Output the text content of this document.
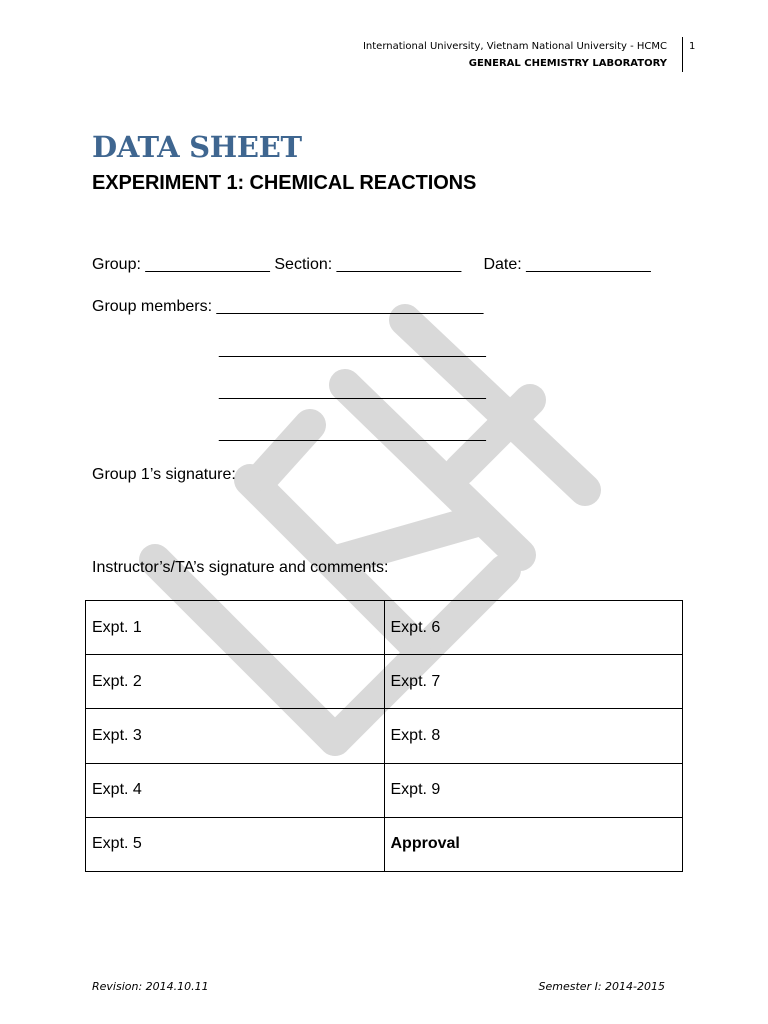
International University, Vietnam National University - HCMC
GENERAL CHEMISTRY LABORATORY
1
DATA SHEET
EXPERIMENT 1: CHEMICAL REACTIONS
Group: ______________ Section: ______________     Date: ______________
Group members: ______________________________
______________________________
______________________________
______________________________
Group 1’s signature:
Instructor’s/TA’s signature and comments:
Expt. 1	Expt. 6
Expt. 2	Expt. 7
Expt. 3	Expt. 8
Expt. 4	Expt. 9
Expt. 5	Approval
Revision: 2014.10.11	Semester I: 2014-2015
